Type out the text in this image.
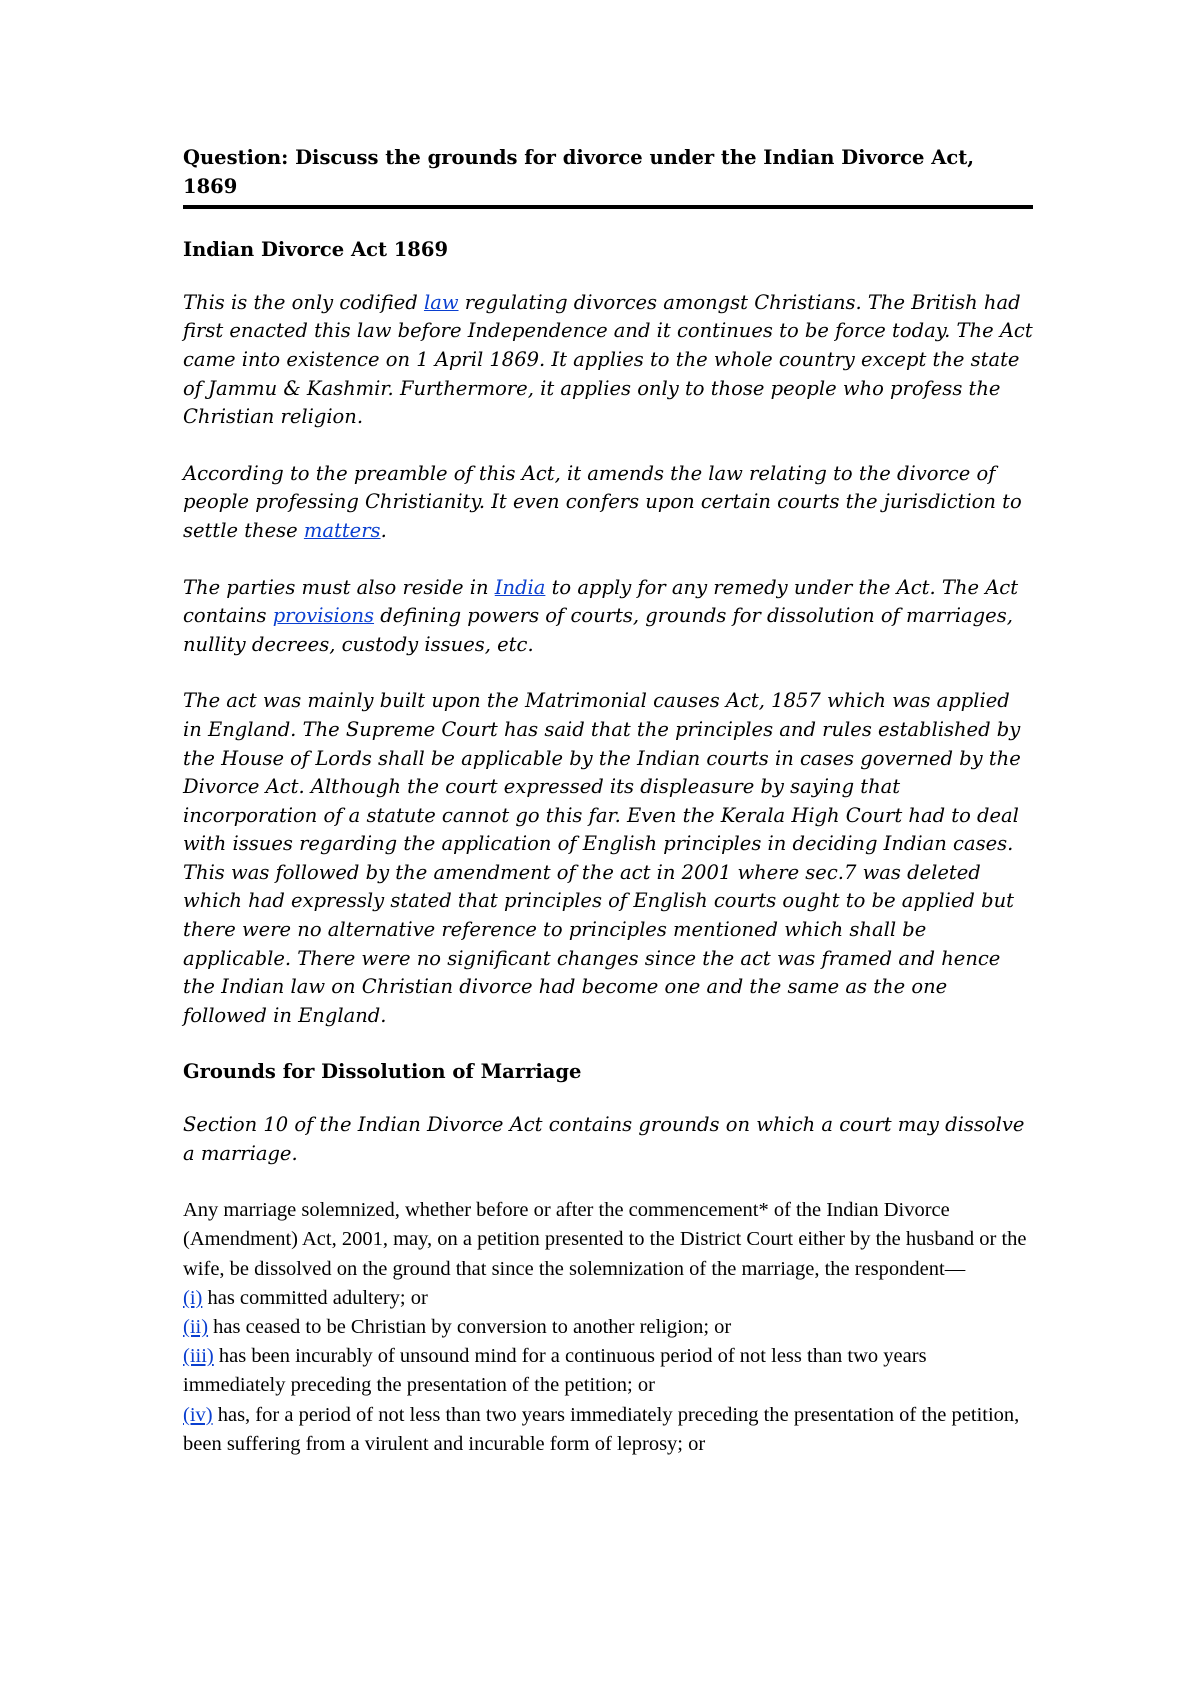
Question: Discuss the grounds for divorce under the Indian Divorce Act, 1869
Indian Divorce Act 1869

This is the only codified law regulating divorces amongst Christians. The British had first enacted this law before Independence and it continues to be force today. The Act came into existence on 1 April 1869. It applies to the whole country except the state of Jammu & Kashmir. Furthermore, it applies only to those people who profess the Christian religion.

According to the preamble of this Act, it amends the law relating to the divorce of people professing Christianity. It even confers upon certain courts the jurisdiction to settle these matters.

The parties must also reside in India to apply for any remedy under the Act. The Act contains provisions defining powers of courts, grounds for dissolution of marriages, nullity decrees, custody issues, etc.

The act was mainly built upon the Matrimonial causes Act, 1857 which was applied in England. The Supreme Court has said that the principles and rules established by the House of Lords shall be applicable by the Indian courts in cases governed by the Divorce Act. Although the court expressed its displeasure by saying that incorporation of a statute cannot go this far. Even the Kerala High Court had to deal with issues regarding the application of English principles in deciding Indian cases. This was followed by the amendment of the act in 2001 where sec.7 was deleted which had expressly stated that principles of English courts ought to be applied but there were no alternative reference to principles mentioned which shall be applicable. There were no significant changes since the act was framed and hence the Indian law on Christian divorce had become one and the same as the one followed in England.

Grounds for Dissolution of Marriage

Section 10 of the Indian Divorce Act contains grounds on which a court may dissolve a marriage.

Any marriage solemnized, whether before or after the commencement* of the Indian Divorce (Amendment) Act, 2001, may, on a petition presented to the District Court either by the husband or the wife, be dissolved on the ground that since the solemnization of the marriage, the respondent—
(i) has committed adultery; or
(ii) has ceased to be Christian by conversion to another religion; or
(iii) has been incurably of unsound mind for a continuous period of not less than two years immediately preceding the presentation of the petition; or
(iv) has, for a period of not less than two years immediately preceding the presentation of the petition, been suffering from a virulent and incurable form of leprosy; or
